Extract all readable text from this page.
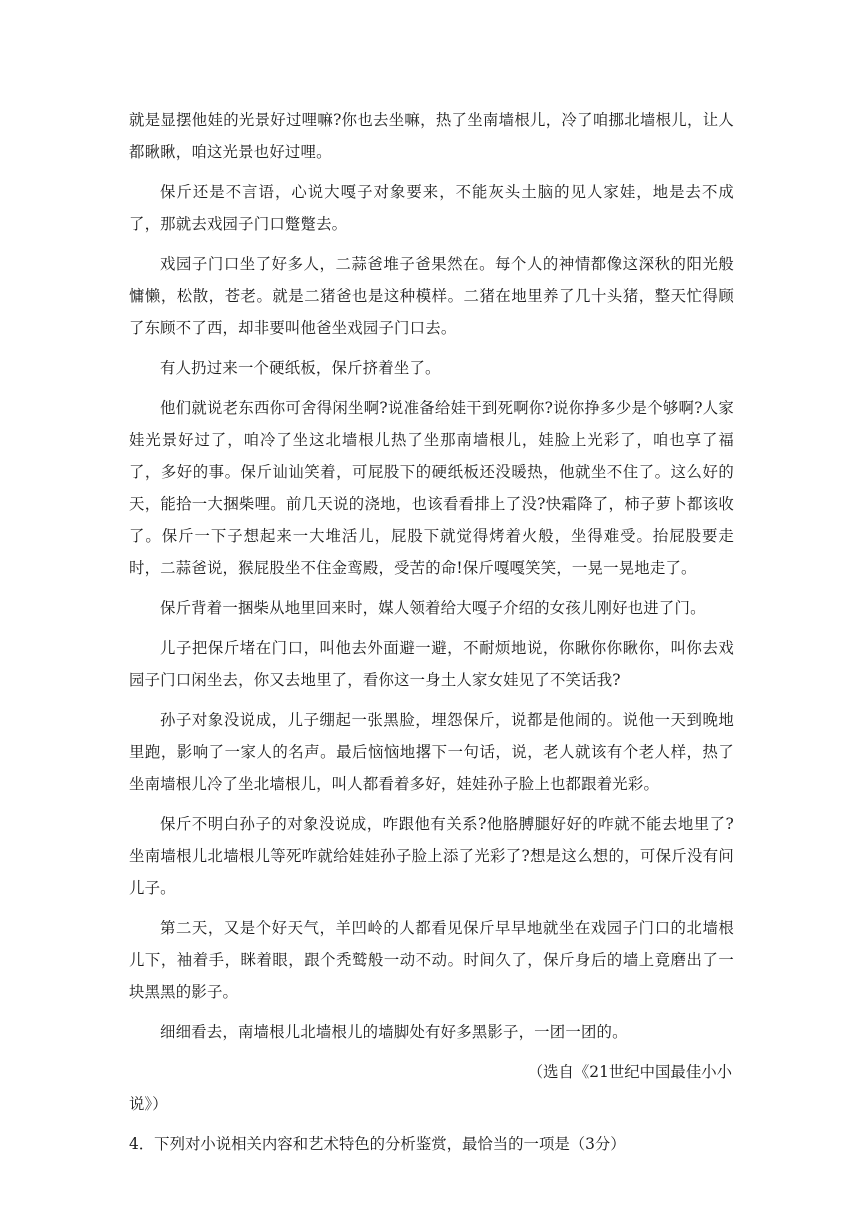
就是显摆他娃的光景好过哩嘛?你也去坐嘛，热了坐南墙根儿，冷了咱挪北墙根儿，让人都瞅瞅，咱这光景也好过哩。

保斤还是不言语，心说大嘎子对象要来，不能灰头土脑的见人家娃，地是去不成了，那就去戏园子门口蹩蹩去。

戏园子门口坐了好多人，二蒜爸堆子爸果然在。每个人的神情都像这深秋的阳光般慵懒，松散，苍老。就是二猪爸也是这种模样。二猪在地里养了几十头猪，整天忙得顾了东顾不了西，却非要叫他爸坐戏园子门口去。

有人扔过来一个硬纸板，保斤挤着坐了。

他们就说老东西你可舍得闲坐啊?说准备给娃干到死啊你?说你挣多少是个够啊?人家娃光景好过了，咱冷了坐这北墙根儿热了坐那南墙根儿，娃脸上光彩了，咱也享了福了，多好的事。保斤讪讪笑着，可屁股下的硬纸板还没暖热，他就坐不住了。这么好的天，能拾一大捆柴哩。前几天说的浇地，也该看看排上了没?快霜降了，柿子萝卜都该收了。保斤一下子想起来一大堆活儿，屁股下就觉得烤着火般，坐得难受。抬屁股要走时，二蒜爸说，猴屁股坐不住金鸾殿，受苦的命!保斤嘎嘎笑笑，一晃一晃地走了。

保斤背着一捆柴从地里回来时，媒人领着给大嘎子介绍的女孩儿刚好也进了门。

儿子把保斤堵在门口，叫他去外面避一避，不耐烦地说，你瞅你你瞅你，叫你去戏园子门口闲坐去，你又去地里了，看你这一身土人家女娃见了不笑话我?

孙子对象没说成，儿子绷起一张黑脸，埋怨保斤，说都是他闹的。说他一天到晚地里跑，影响了一家人的名声。最后恼恼地撂下一句话，说，老人就该有个老人样，热了坐南墙根儿冷了坐北墙根儿，叫人都看着多好，娃娃孙子脸上也都跟着光彩。

保斤不明白孙子的对象没说成，咋跟他有关系?他胳膊腿好好的咋就不能去地里了?坐南墙根儿北墙根儿等死咋就给娃娃孙子脸上添了光彩了?想是这么想的，可保斤没有问儿子。

第二天，又是个好天气，羊凹岭的人都看见保斤早早地就坐在戏园子门口的北墙根儿下，袖着手，眯着眼，跟个秃鹫般一动不动。时间久了，保斤身后的墙上竟磨出了一块黑黑的影子。

细细看去，南墙根儿北墙根儿的墙脚处有好多黑影子，一团一团的。

（选自《21世纪中国最佳小小

说》）

4．下列对小说相关内容和艺术特色的分析鉴赏，最恰当的一项是（3分）
